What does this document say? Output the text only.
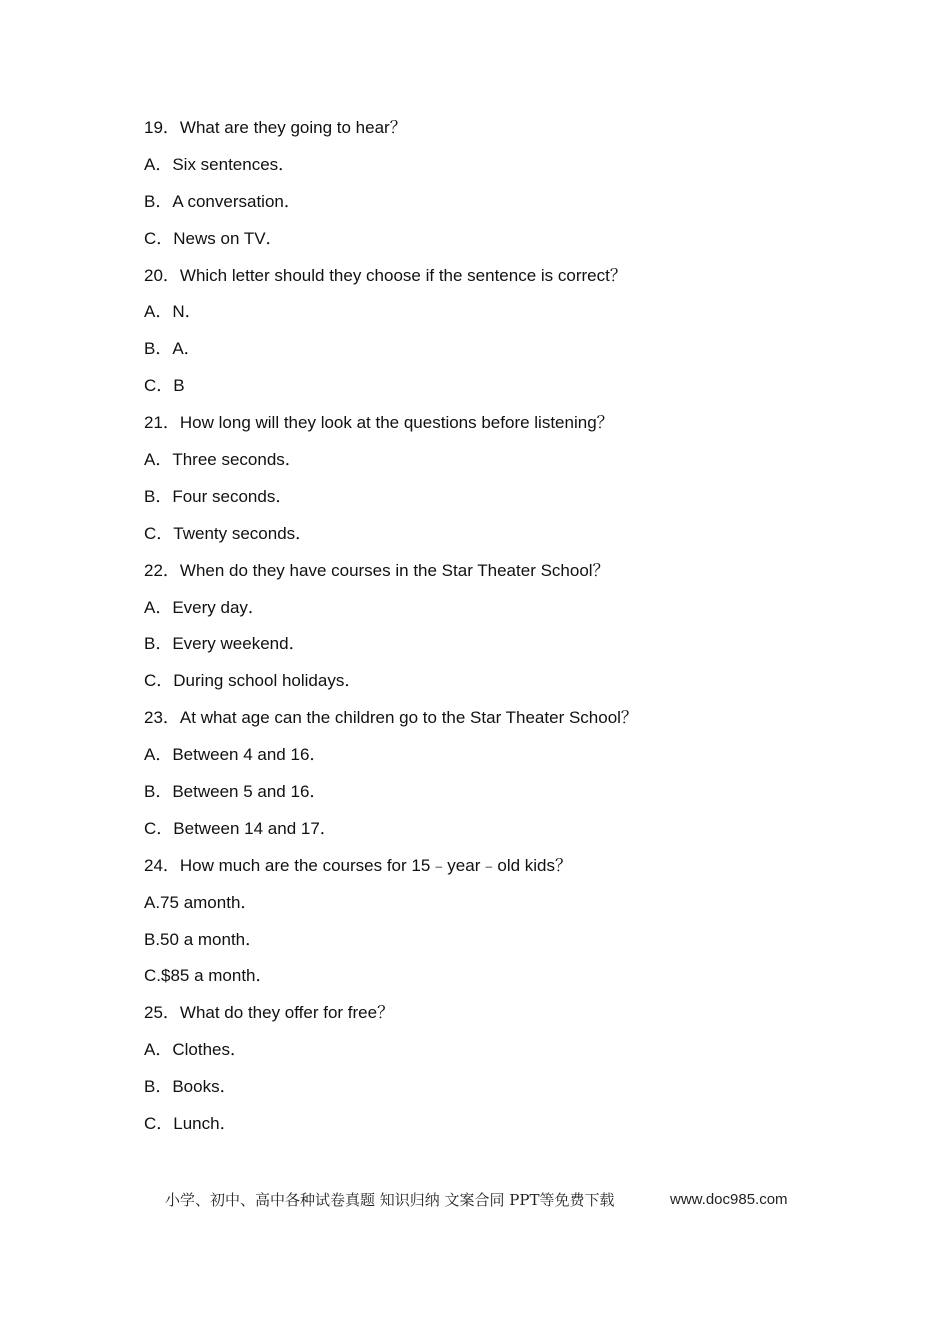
19．What are they going to hear？
A．Six sentences．
B．A conversation．
C．News on TV．
20．Which letter should they choose if the sentence is correct？
A．N．
B．A．
C．B
21．How long will they look at the questions before listening？
A．Three seconds．
B．Four seconds．
C．Twenty seconds．
22．When do they have courses in the Star Theater School？
A．Every day．
B．Every weekend．
C．During school holidays．
23．At what age can the children go to the Star Theater School？
A．Between 4 and 16．
B．Between 5 and 16．
C．Between 14 and 17．
24．How much are the courses for 15﹣year﹣old kids？
A.75 amonth．
B.50 a month．
C.$85 a month．
25．What do they offer for free？
A．Clothes．
B．Books．
C．Lunch．
小学、初中、高中各种试卷真题 知识归纳 文案合同 PPT等免费下载	www.doc985.com
